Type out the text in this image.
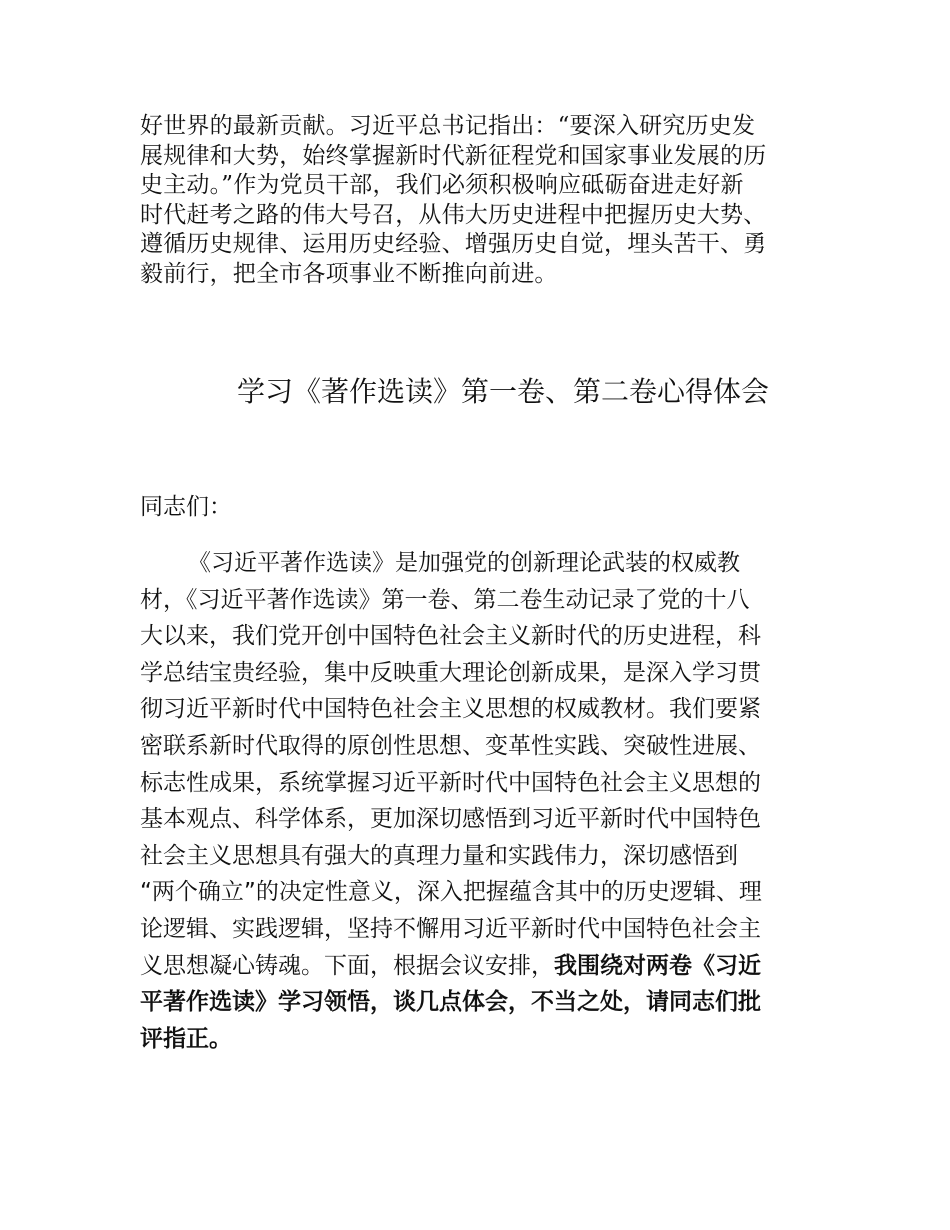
好世界的最新贡献。习近平总书记指出：“要深入研究历史发
展规律和大势，始终掌握新时代新征程党和国家事业发展的历
史主动。”作为党员干部，我们必须积极响应砥砺奋进走好新
时代赶考之路的伟大号召，从伟大历史进程中把握历史大势、
遵循历史规律、运用历史经验、增强历史自觉，埋头苦干、勇
毅前行，把全市各项事业不断推向前进。
学习《著作选读》第一卷、第二卷心得体会

同志们：

《习近平著作选读》是加强党的创新理论武装的权威教
材，《习近平著作选读》第一卷、第二卷生动记录了党的十八
大以来，我们党开创中国特色社会主义新时代的历史进程，科
学总结宝贵经验，集中反映重大理论创新成果，是深入学习贯
彻习近平新时代中国特色社会主义思想的权威教材。我们要紧
密联系新时代取得的原创性思想、变革性实践、突破性进展、
标志性成果，系统掌握习近平新时代中国特色社会主义思想的
基本观点、科学体系，更加深切感悟到习近平新时代中国特色
社会主义思想具有强大的真理力量和实践伟力，深切感悟到
“两个确立”的决定性意义，深入把握蕴含其中的历史逻辑、理
论逻辑、实践逻辑，坚持不懈用习近平新时代中国特色社会主
义思想凝心铸魂。下面，根据会议安排，我围绕对两卷《习近
平著作选读》学习领悟，谈几点体会，不当之处，请同志们批
评指正。
